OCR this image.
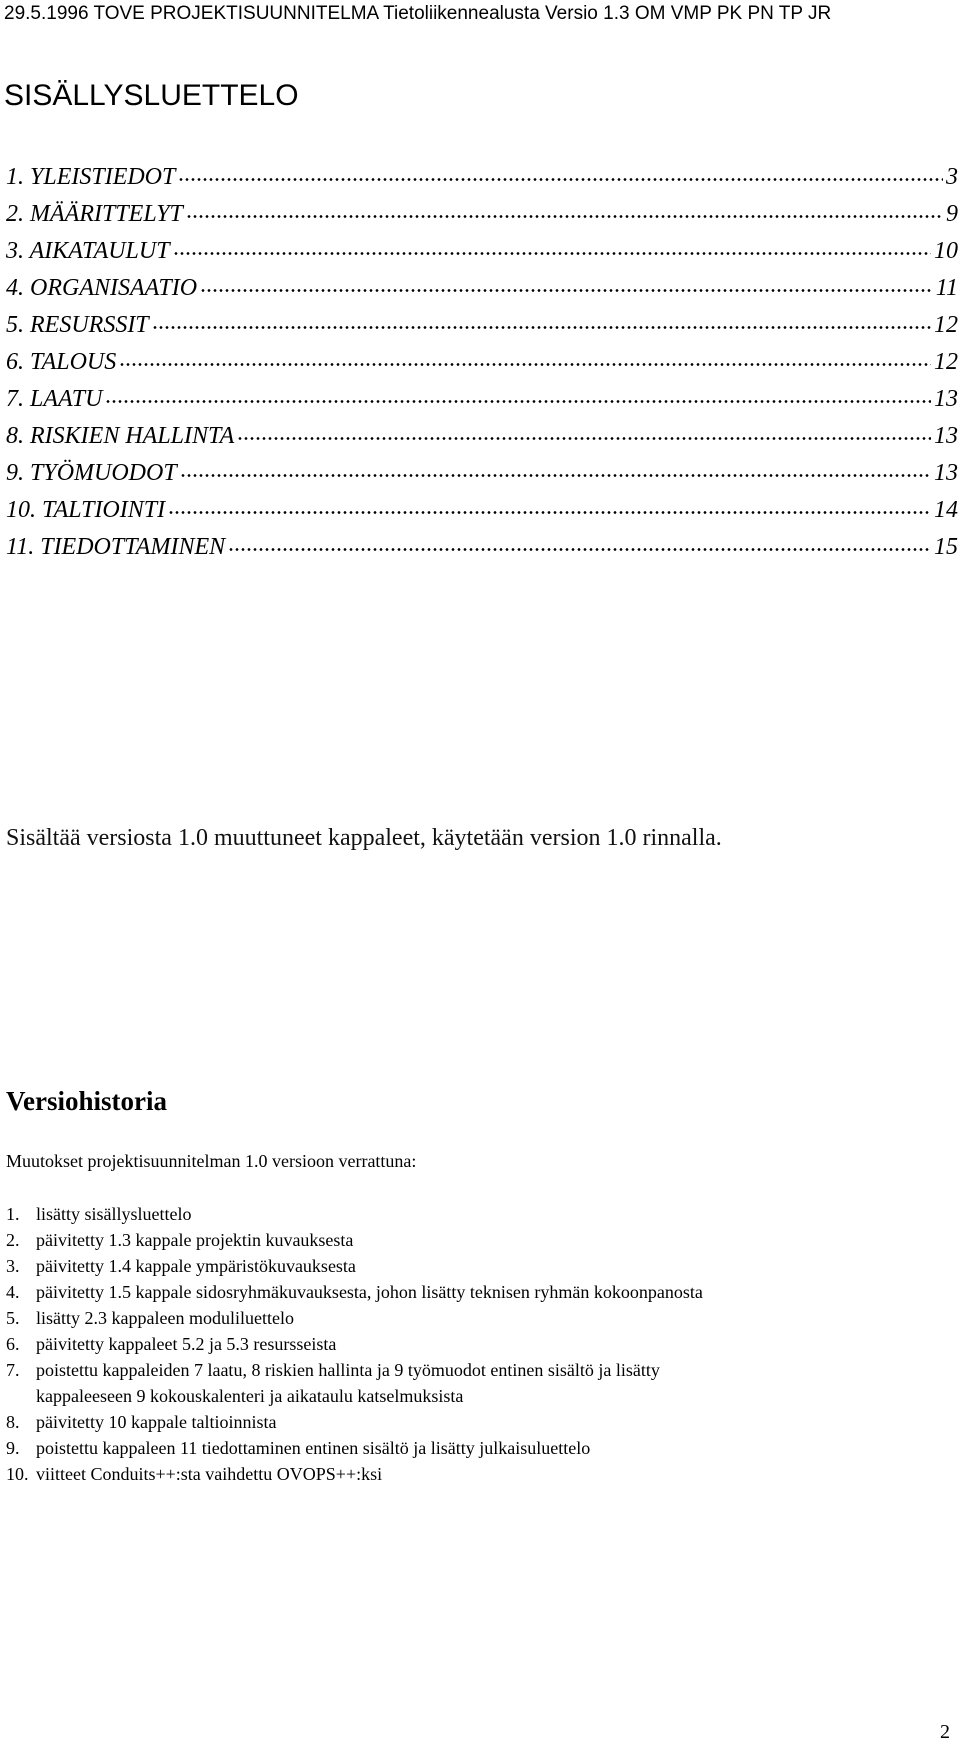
29.5.1996 TOVE PROJEKTISUUNNITELMA Tietoliikennealusta Versio 1.3 OM VMP PK PN TP JR
SISÄLLYSLUETTELO
1. YLEISTIEDOT	3
2. MÄÄRITTELYT	9
3. AIKATAULUT	10
4. ORGANISAATIO	11
5. RESURSSIT	12
6. TALOUS	12
7. LAATU	13
8. RISKIEN HALLINTA	13
9. TYÖMUODOT	13
10. TALTIOINTI	14
11. TIEDOTTAMINEN	15
Sisältää versiosta 1.0 muuttuneet kappaleet, käytetään version 1.0 rinnalla.
Versiohistoria
Muutokset projektisuunnitelman 1.0 versioon verrattuna:
1. lisätty sisällysluettelo
2. päivitetty 1.3 kappale projektin kuvauksesta
3. päivitetty 1.4 kappale ympäristökuvauksesta
4. päivitetty 1.5 kappale sidosryhmäkuvauksesta, johon lisätty teknisen ryhmän kokoonpanosta
5. lisätty 2.3 kappaleen moduliluettelo
6. päivitetty kappaleet 5.2 ja 5.3 resursseista
7. poistettu kappaleiden 7 laatu, 8 riskien hallinta ja 9 työmuodot entinen sisältö ja lisätty
kappaleeseen 9 kokouskalenteri ja aikataulu katselmuksista
8. päivitetty 10 kappale taltioinnista
9. poistettu kappaleen 11 tiedottaminen entinen sisältö ja lisätty julkaisuluettelo
10. viitteet Conduits++:sta vaihdettu OVOPS++:ksi
2
